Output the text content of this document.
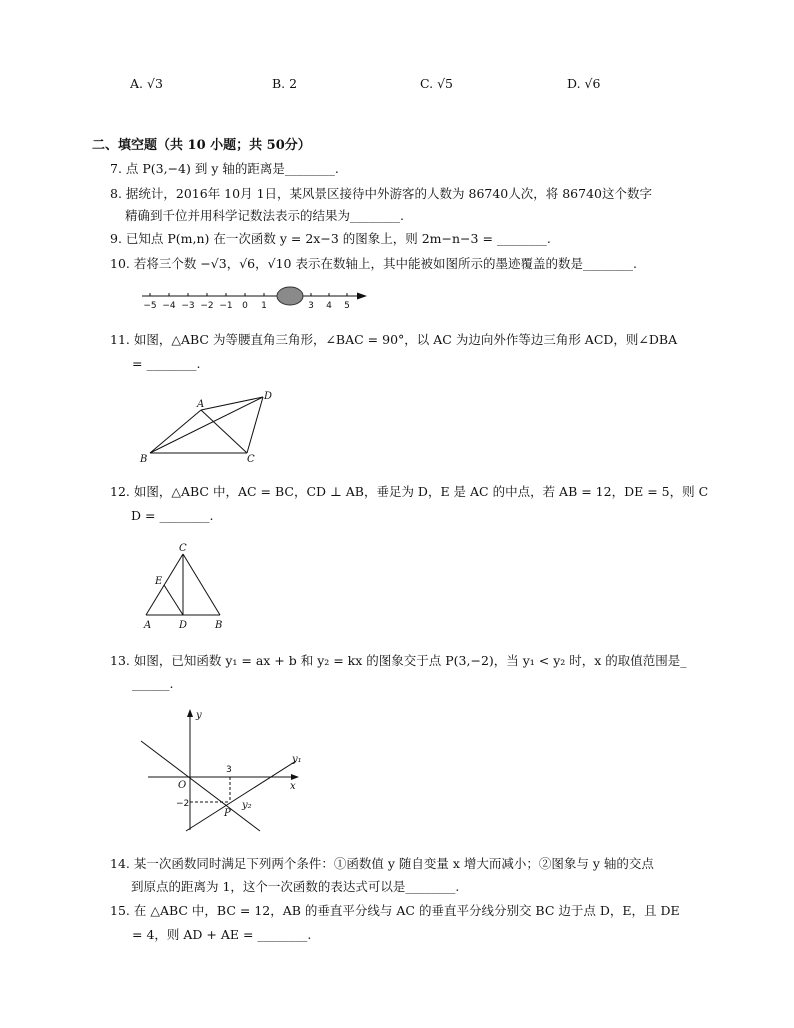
A. √3	B. 2	C. √5	D. √6
二、填空题（共 10 小题；共 50分）
7. 点 P(3,−4) 到 y 轴的距离是________.
8. 据统计，2016年 10月 1日，某风景区接待中外游客的人数为 86740人次，将 86740这个数字
精确到千位并用科学记数法表示的结果为________.
9. 已知点 P(m,n) 在一次函数 y = 2x−3 的图象上，则 2m−n−3 = ________.
10. 若将三个数 −√3，√6，√10 表示在数轴上，其中能被如图所示的墨迹覆盖的数是________.
−5 −4 −3 −2 −1 0 1	3 4 5
11. 如图，△ABC 为等腰直角三角形，∠BAC = 90°，以 AC 为边向外作等边三角形 ACD，则∠DBA
= ________.
A
B	C
D
12. 如图，△ABC 中，AC = BC，CD ⊥ AB，垂足为 D，E 是 AC 的中点，若 AB = 12，DE = 5，则 C
D = ________.
C
E
A	D	B
13. 如图，已知函数 y₁ = ax + b 和 y₂ = kx 的图象交于点 P(3,−2)，当 y₁ < y₂ 时，x 的取值范围是_
______.
y
x
O
3
−2
P
y₁
y₂
14. 某一次函数同时满足下列两个条件：①函数值 y 随自变量 x 增大而减小；②图象与 y 轴的交点
到原点的距离为 1，这个一次函数的表达式可以是________.
15. 在 △ABC 中，BC = 12，AB 的垂直平分线与 AC 的垂直平分线分别交 BC 边于点 D，E，且 DE
= 4，则 AD + AE = ________.
